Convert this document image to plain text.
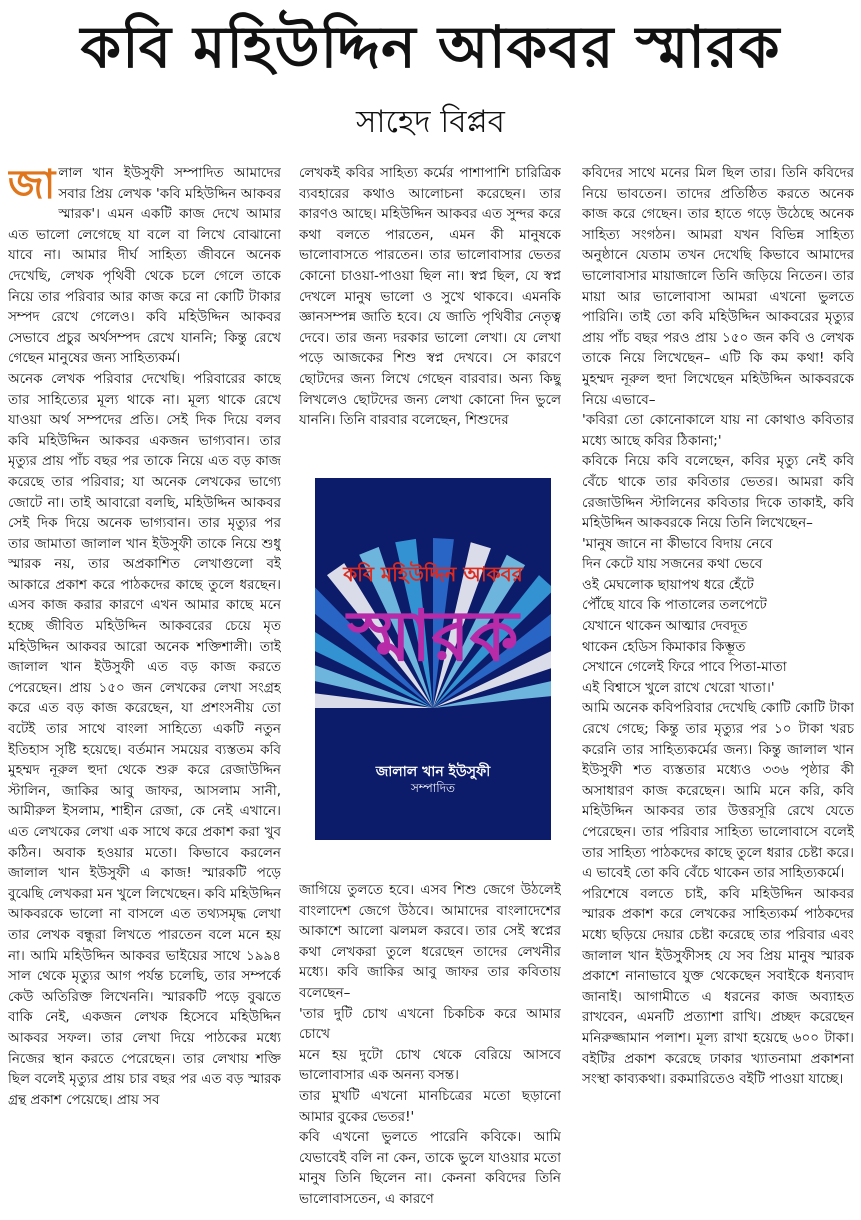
কবি মহিউদ্দিন আকবর স্মারক
সাহেদ বিপ্লব

জালাল খান ইউসুফী সম্পাদিত আমাদের সবার প্রিয় লেখক 'কবি মহিউদ্দিন আকবর স্মারক'। এমন একটি কাজ দেখে আমার এত ভালো লেগেছে যা বলে বা লিখে বোঝানো যাবে না। আমার দীর্ঘ সাহিত্য জীবনে অনেক দেখেছি, লেখক পৃথিবী থেকে চলে গেলে তাকে নিয়ে তার পরিবার আর কাজ করে না কোটি টাকার সম্পদ রেখে গেলেও। কবি মহিউদ্দিন আকবর সেভাবে প্রচুর অর্থসম্পদ রেখে যাননি; কিন্তু রেখে গেছেন মানুষের জন্য সাহিত্যকর্ম।

অনেক লেখক পরিবার দেখেছি। পরিবারের কাছে তার সাহিত্যের মূল্য থাকে না। মূল্য থাকে রেখে যাওয়া অর্থ সম্পদের প্রতি। সেই দিক দিয়ে বলব কবি মহিউদ্দিন আকবর একজন ভাগ্যবান। তার মৃত্যুর প্রায় পাঁচ বছর পর তাকে নিয়ে এত বড় কাজ করেছে তার পরিবার; যা অনেক লেখকের ভাগ্যে জোটে না। তাই আবারো বলছি, মহিউদ্দিন আকবর সেই দিক দিয়ে অনেক ভাগ্যবান। তার মৃত্যুর পর তার জামাতা জালাল খান ইউসুফী তাকে নিয়ে শুধু স্মারক নয়, তার অপ্রকাশিত লেখাগুলো বই আকারে প্রকাশ করে পাঠকদের কাছে তুলে ধরছেন। এসব কাজ করার কারণে এখন আমার কাছে মনে হচ্ছে জীবিত মহিউদ্দিন আকবরের চেয়ে মৃত মহিউদ্দিন আকবর আরো অনেক শক্তিশালী। তাই জালাল খান ইউসুফী এত বড় কাজ করতে পেরেছেন। প্রায় ১৫০ জন লেখকের লেখা সংগ্রহ করে এত বড় কাজ করেছেন, যা প্রশংসনীয় তো বটেই তার সাথে বাংলা সাহিত্যে একটি নতুন ইতিহাস সৃষ্টি হয়েছে। বর্তমান সময়ের ব্যস্ততম কবি মুহম্মদ নূরুল হুদা থেকে শুরু করে রেজাউদ্দিন স্টালিন, জাকির আবু জাফর, আসলাম সানী, আমীরুল ইসলাম, শাহীন রেজা, কে নেই এখানে। এত লেখকের লেখা এক সাথে করে প্রকাশ করা খুব কঠিন। অবাক হওয়ার মতো। কিভাবে করলেন জালাল খান ইউসুফী এ কাজ! স্মারকটি পড়ে বুঝেছি লেখকরা মন খুলে লিখেছেন। কবি মহিউদ্দিন আকবরকে ভালো না বাসলে এত তথ্যসমৃদ্ধ লেখা তার লেখক বন্ধুরা লিখতে পারতেন বলে মনে হয় না। আমি মহিউদ্দিন আকবর ভাইয়ের সাথে ১৯৯৪ সাল থেকে মৃত্যুর আগ পর্যন্ত চলেছি, তার সম্পর্কে কেউ অতিরিক্ত লিখেননি। স্মারকটি পড়ে বুঝতে বাকি নেই, একজন লেখক হিসেবে মহিউদ্দিন আকবর সফল। তার লেখা দিয়ে পাঠকের মধ্যে নিজের স্থান করতে পেরেছেন। তার লেখায় শক্তি ছিল বলেই মৃত্যুর প্রায় চার বছর পর এত বড় স্মারক গ্রন্থ প্রকাশ পেয়েছে। প্রায় সব

লেখকই কবির সাহিত্য কর্মের পাশাপাশি চারিত্রিক ব্যবহারের কথাও আলোচনা করেছেন। তার কারণও আছে। মহিউদ্দিন আকবর এত সুন্দর করে কথা বলতে পারতেন, এমন কী মানুষকে ভালোবাসতে পারতেন। তার ভালোবাসার ভেতর কোনো চাওয়া-পাওয়া ছিল না। স্বপ্ন ছিল, যে স্বপ্ন দেখলে মানুষ ভালো ও সুখে থাকবে। এমনকি জ্ঞানসম্পন্ন জাতি হবে। যে জাতি পৃথিবীর নেতৃত্ব দেবে। তার জন্য দরকার ভালো লেখা। যে লেখা পড়ে আজকের শিশু স্বপ্ন দেখবে। সে কারণে ছোটদের জন্য লিখে গেছেন বারবার। অন্য কিছু লিখলেও ছোটদের জন্য লেখা কোনো দিন ভুলে যাননি। তিনি বারবার বলেছেন, শিশুদের

কবি মহিউদ্দিন আকবর
স্মারক
জালাল খান ইউসুফী
সম্পাদিত

জাগিয়ে তুলতে হবে। এসব শিশু জেগে উঠলেই বাংলাদেশ জেগে উঠবে। আমাদের বাংলাদেশের আকাশে আলো ঝলমল করবে। তার সেই স্বপ্নের কথা লেখকরা তুলে ধরেছেন তাদের লেখনীর মধ্যে। কবি জাকির আবু জাফর তার কবিতায় বলেছেন–

'তার দুটি চোখ এখনো চিকচিক করে আমার চোখে

মনে হয় দুটো চোখ থেকে বেরিয়ে আসবে ভালোবাসার এক অনন্য বসন্ত।

তার মুখটি এখনো মানচিত্রের মতো ছড়ানো আমার বুকের ভেতর!'

কবি এখনো ভুলতে পারেনি কবিকে। আমি যেভাবেই বলি না কেন, তাকে ভুলে যাওয়ার মতো মানুষ তিনি ছিলেন না। কেননা কবিদের তিনি ভালোবাসতেন, এ কারণে

কবিদের সাথে মনের মিল ছিল তার। তিনি কবিদের নিয়ে ভাবতেন। তাদের প্রতিষ্ঠিত করতে অনেক কাজ করে গেছেন। তার হাতে গড়ে উঠেছে অনেক সাহিত্য সংগঠন। আমরা যখন বিভিন্ন সাহিত্য অনুষ্ঠানে যেতাম তখন দেখেছি কিভাবে আমাদের ভালোবাসার মায়াজালে তিনি জড়িয়ে নিতেন। তার মায়া আর ভালোবাসা আমরা এখনো ভুলতে পারিনি। তাই তো কবি মহিউদ্দিন আকবরের মৃত্যুর প্রায় পাঁচ বছর পরও প্রায় ১৫০ জন কবি ও লেখক তাকে নিয়ে লিখেছেন– এটি কি কম কথা! কবি মুহম্মদ নূরুল হুদা লিখেছেন মহিউদ্দিন আকবরকে নিয়ে এভাবে–

'কবিরা তো কোনোকালে যায় না কোথাও কবিতার মধ্যে আছে কবির ঠিকানা;'

কবিকে নিয়ে কবি বলেছেন, কবির মৃত্যু নেই কবি বেঁচে থাকে তার কবিতার ভেতর। আমরা কবি রেজাউদ্দিন স্টালিনের কবিতার দিকে তাকাই, কবি মহিউদ্দিন আকবরকে নিয়ে তিনি লিখেছেন–

'মানুষ জানে না কীভাবে বিদায় নেবে

দিন কেটে যায় সজনের কথা ভেবে

ওই মেঘলোক ছায়াপথ ধরে হেঁটে

পৌঁছে যাবে কি পাতালের তলপেটে

যেখানে থাকেন আত্মার দেবদূত

থাকেন হেডিস কিমাকার কিম্ভূত

সেখানে গেলেই ফিরে পাবে পিতা-মাতা

এই বিশ্বাসে খুলে রাখে খেরো খাতা।'

আমি অনেক কবিপরিবার দেখেছি কোটি কোটি টাকা রেখে গেছে; কিন্তু তার মৃত্যুর পর ১০ টাকা খরচ করেনি তার সাহিত্যকর্মের জন্য। কিন্তু জালাল খান ইউসুফী শত ব্যস্ততার মধ্যেও ৩৩৬ পৃষ্ঠার কী অসাধারণ কাজ করেছেন। আমি মনে করি, কবি মহিউদ্দিন আকবর তার উত্তরসূরি রেখে যেতে পেরেছেন। তার পরিবার সাহিত্য ভালোবাসে বলেই তার সাহিত্য পাঠকদের কাছে তুলে ধরার চেষ্টা করে। এ ভাবেই তো কবি বেঁচে থাকেন তার সাহিত্যকর্মে।

পরিশেষে বলতে চাই, কবি মহিউদ্দিন আকবর স্মারক প্রকাশ করে লেখকের সাহিত্যকর্ম পাঠকদের মধ্যে ছড়িয়ে দেয়ার চেষ্টা করেছে তার পরিবার এবং জালাল খান ইউসুফীসহ যে সব প্রিয় মানুষ স্মারক প্রকাশে নানাভাবে যুক্ত থেকেছেন সবাইকে ধন্যবাদ জানাই। আগামীতে এ ধরনের কাজ অব্যাহত রাখবেন, এমনটি প্রত্যাশা রাখি। প্রচ্ছদ করেছেন মনিরুজ্জামান পলাশ। মূল্য রাখা হয়েছে ৬০০ টাকা। বইটির প্রকাশ করেছে ঢাকার খ্যাতনামা প্রকাশনা সংস্থা কাব্যকথা। রকমারিতেও বইটি পাওয়া যাচ্ছে।
